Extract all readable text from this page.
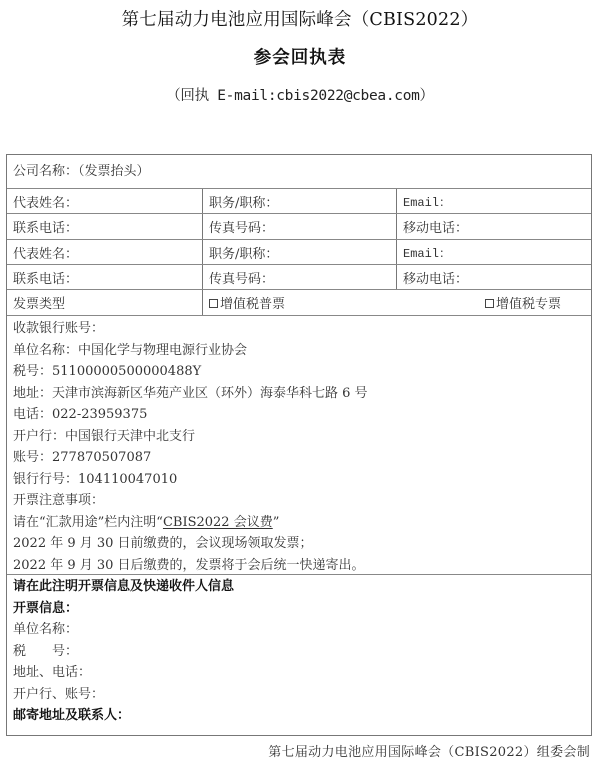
第七届动力电池应用国际峰会（CBIS2022）
参会回执表
（回执 E-mail:cbis2022@cbea.com）
公司名称：（发票抬头）
代表姓名：	职务/职称：	Email：
联系电话：	传真号码：	移动电话：
代表姓名：	职务/职称：	Email：
联系电话：	传真号码：	移动电话：
发票类型	增值税普票	增值税专票
收款银行账号：
单位名称：中国化学与物理电源行业协会
税号：51100000500000488Y
地址：天津市滨海新区华苑产业区（环外）海泰华科七路 6 号
电话：022-23959375
开户行：中国银行天津中北支行
账号：277870507087
银行行号：104110047010
开票注意事项：
请在“汇款用途”栏内注明“CBIS2022 会议费”
2022 年 9 月 30 日前缴费的，会议现场领取发票；
2022 年 9 月 30 日后缴费的，发票将于会后统一快递寄出。
请在此注明开票信息及快递收件人信息
开票信息：
单位名称：
税　　号：
地址、电话：
开户行、账号：
邮寄地址及联系人：
第七届动力电池应用国际峰会（CBIS2022）组委会制
